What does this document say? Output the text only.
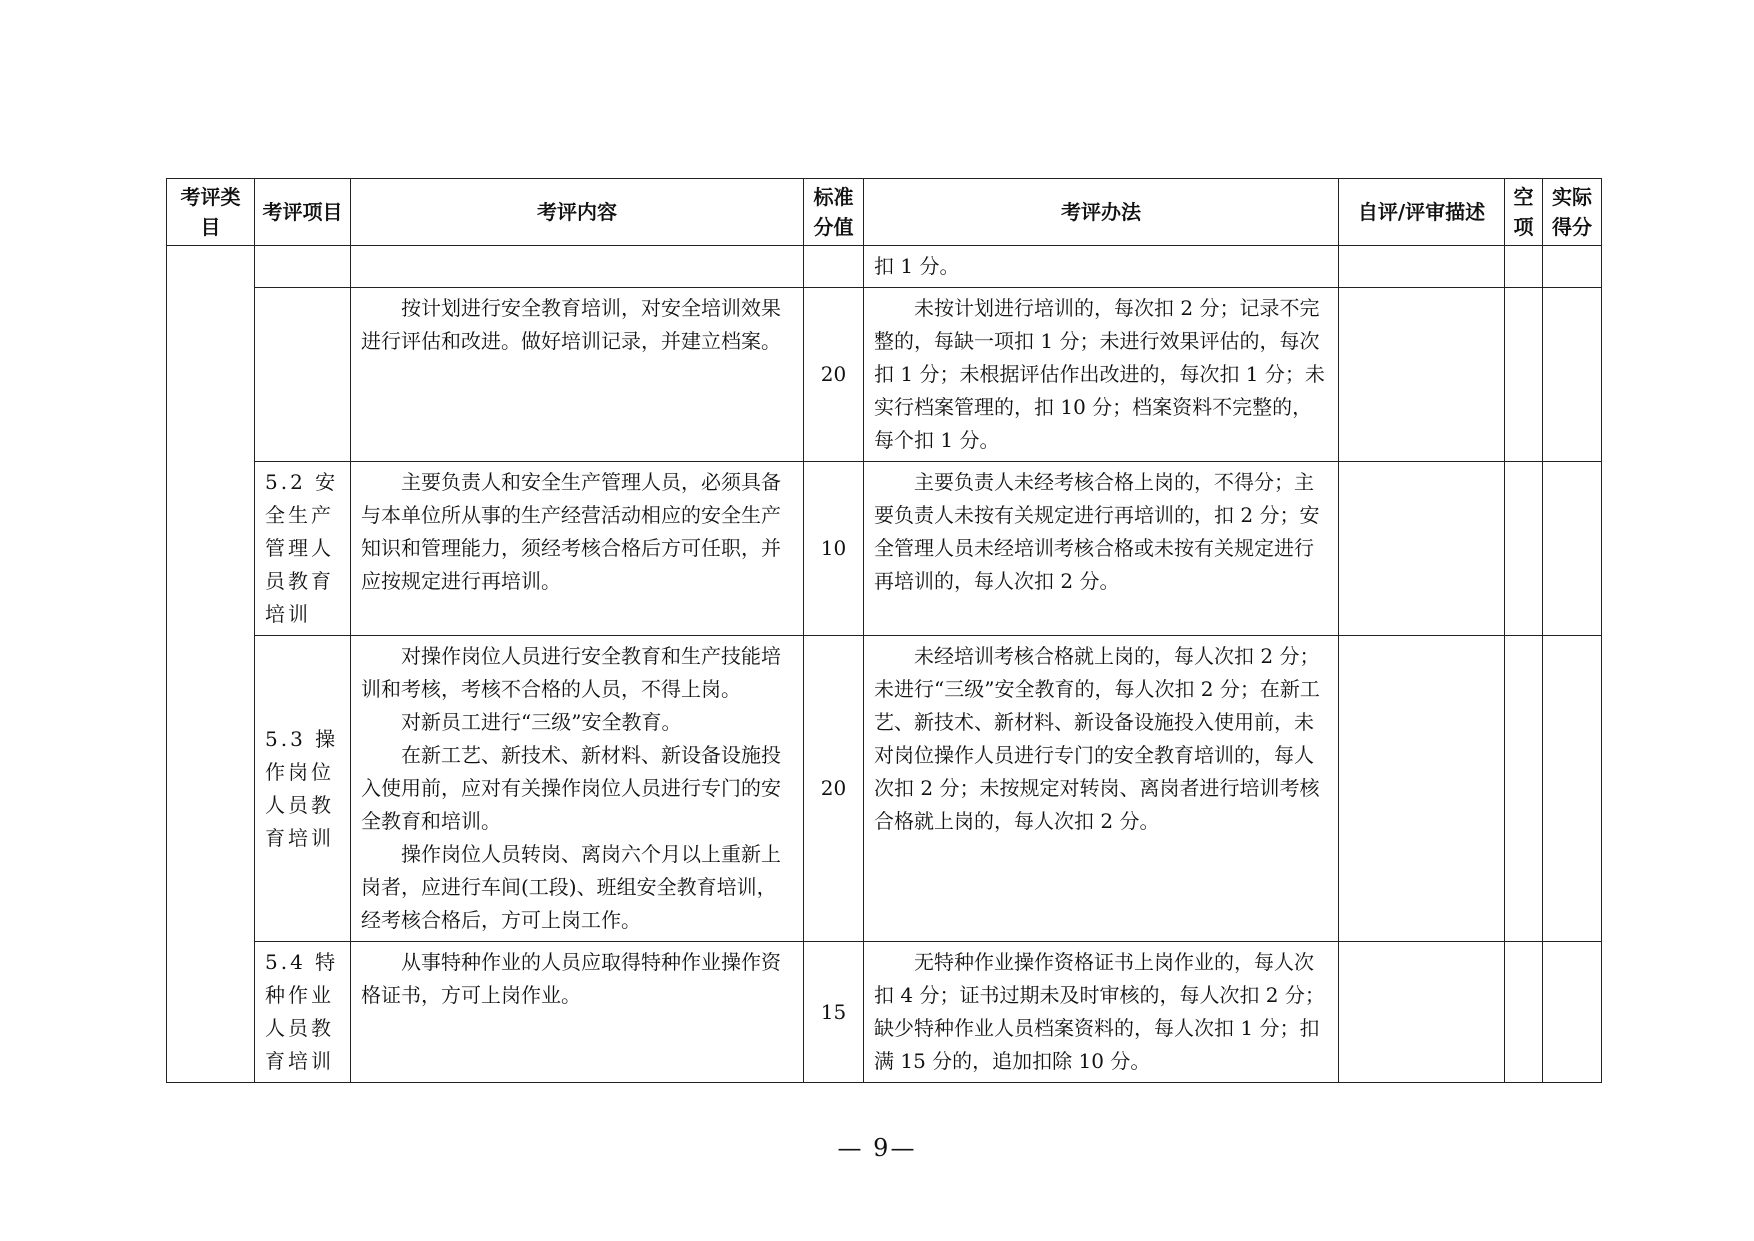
考评类目	考评项目	考评内容	标准分值	考评办法	自评/评审描述	空项	实际得分

				扣 1 分。			

		按计划进行安全教育培训，对安全培训效果进行评估和改进。做好培训记录，并建立档案。	20	未按计划进行培训的，每次扣 2 分；记录不完整的，每缺一项扣 1 分；未进行效果评估的，每次扣 1 分；未根据评估作出改进的，每次扣 1 分；未实行档案管理的，扣 10 分；档案资料不完整的，每个扣 1 分。			

	5.2 安全生产管理人员教育培训	主要负责人和安全生产管理人员，必须具备与本单位所从事的生产经营活动相应的安全生产知识和管理能力，须经考核合格后方可任职，并应按规定进行再培训。	10	主要负责人未经考核合格上岗的，不得分；主要负责人未按有关规定进行再培训的，扣 2 分；安全管理人员未经培训考核合格或未按有关规定进行再培训的，每人次扣 2 分。			

	5.3 操作岗位人员教育培训	对操作岗位人员进行安全教育和生产技能培训和考核，考核不合格的人员，不得上岗。

对新员工进行“三级”安全教育。

在新工艺、新技术、新材料、新设备设施投入使用前，应对有关操作岗位人员进行专门的安全教育和培训。

操作岗位人员转岗、离岗六个月以上重新上岗者，应进行车间(工段)、班组安全教育培训，经考核合格后，方可上岗工作。	20	未经培训考核合格就上岗的，每人次扣 2 分；未进行“三级”安全教育的，每人次扣 2 分；在新工艺、新技术、新材料、新设备设施投入使用前，未对岗位操作人员进行专门的安全教育培训的，每人次扣 2 分；未按规定对转岗、离岗者进行培训考核合格就上岗的，每人次扣 2 分。			

	5.4 特种作业人员教育培训	从事特种作业的人员应取得特种作业操作资格证书，方可上岗作业。	15	无特种作业操作资格证书上岗作业的，每人次扣 4 分；证书过期未及时审核的，每人次扣 2 分；缺少特种作业人员档案资料的，每人次扣 1 分；扣满 15 分的，追加扣除 10 分。			

— 9—
